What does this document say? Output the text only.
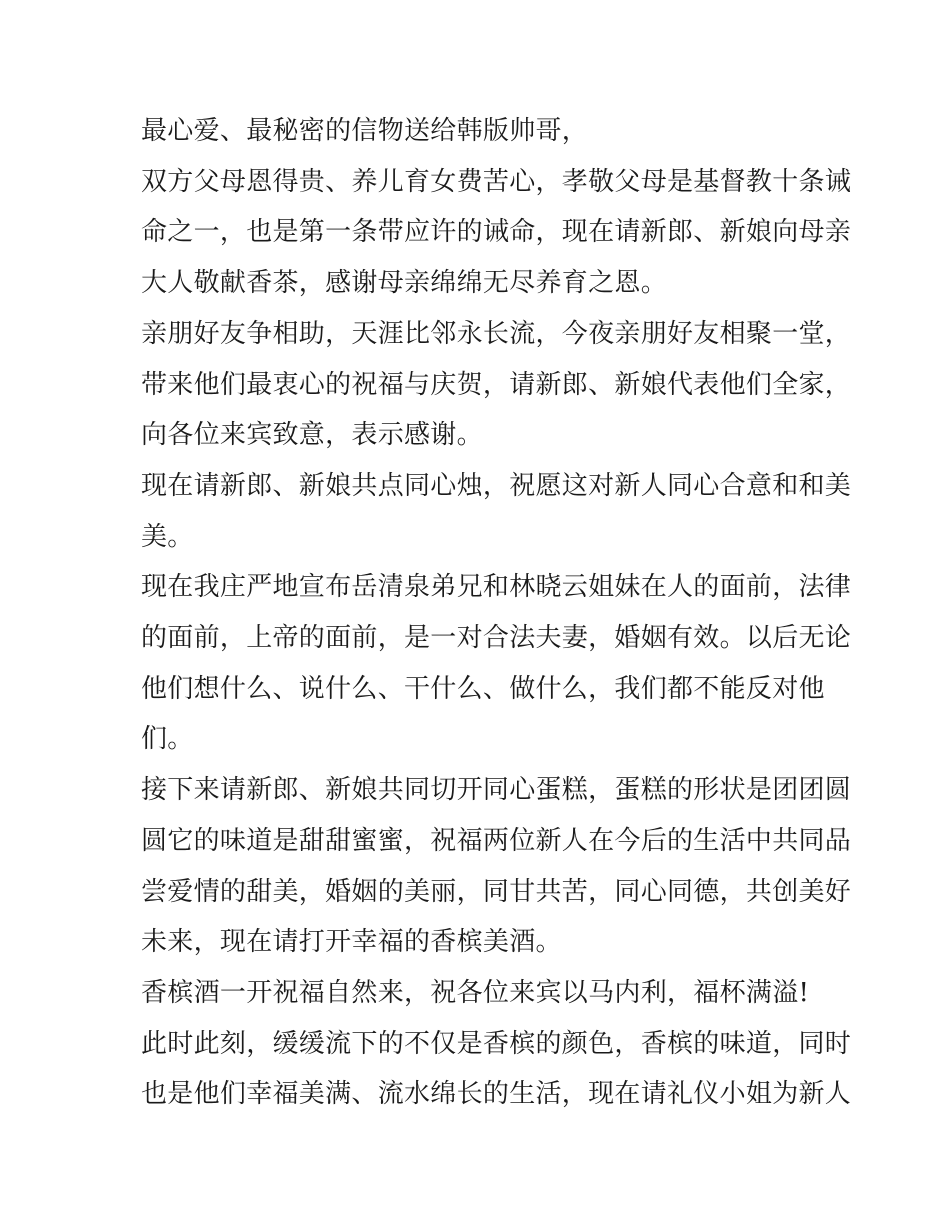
最心爱、最秘密的信物送给韩版帅哥，

双方父母恩得贵、养儿育女费苦心，孝敬父母是基督教十条诫

命之一，也是第一条带应许的诫命，现在请新郎、新娘向母亲

大人敬献香茶，感谢母亲绵绵无尽养育之恩。

亲朋好友争相助，天涯比邻永长流，今夜亲朋好友相聚一堂，

带来他们最衷心的祝福与庆贺，请新郎、新娘代表他们全家，

向各位来宾致意，表示感谢。

现在请新郎、新娘共点同心烛，祝愿这对新人同心合意和和美

美。

现在我庄严地宣布岳清泉弟兄和林晓云姐妹在人的面前，法律

的面前，上帝的面前，是一对合法夫妻，婚姻有效。以后无论

他们想什么、说什么、干什么、做什么，我们都不能反对他

们。

接下来请新郎、新娘共同切开同心蛋糕，蛋糕的形状是团团圆

圆它的味道是甜甜蜜蜜，祝福两位新人在今后的生活中共同品

尝爱情的甜美，婚姻的美丽，同甘共苦，同心同德，共创美好

未来，现在请打开幸福的香槟美酒。

香槟酒一开祝福自然来，祝各位来宾以马内利，福杯满溢!

此时此刻，缓缓流下的不仅是香槟的颜色，香槟的味道，同时

也是他们幸福美满、流水绵长的生活，现在请礼仪小姐为新人
